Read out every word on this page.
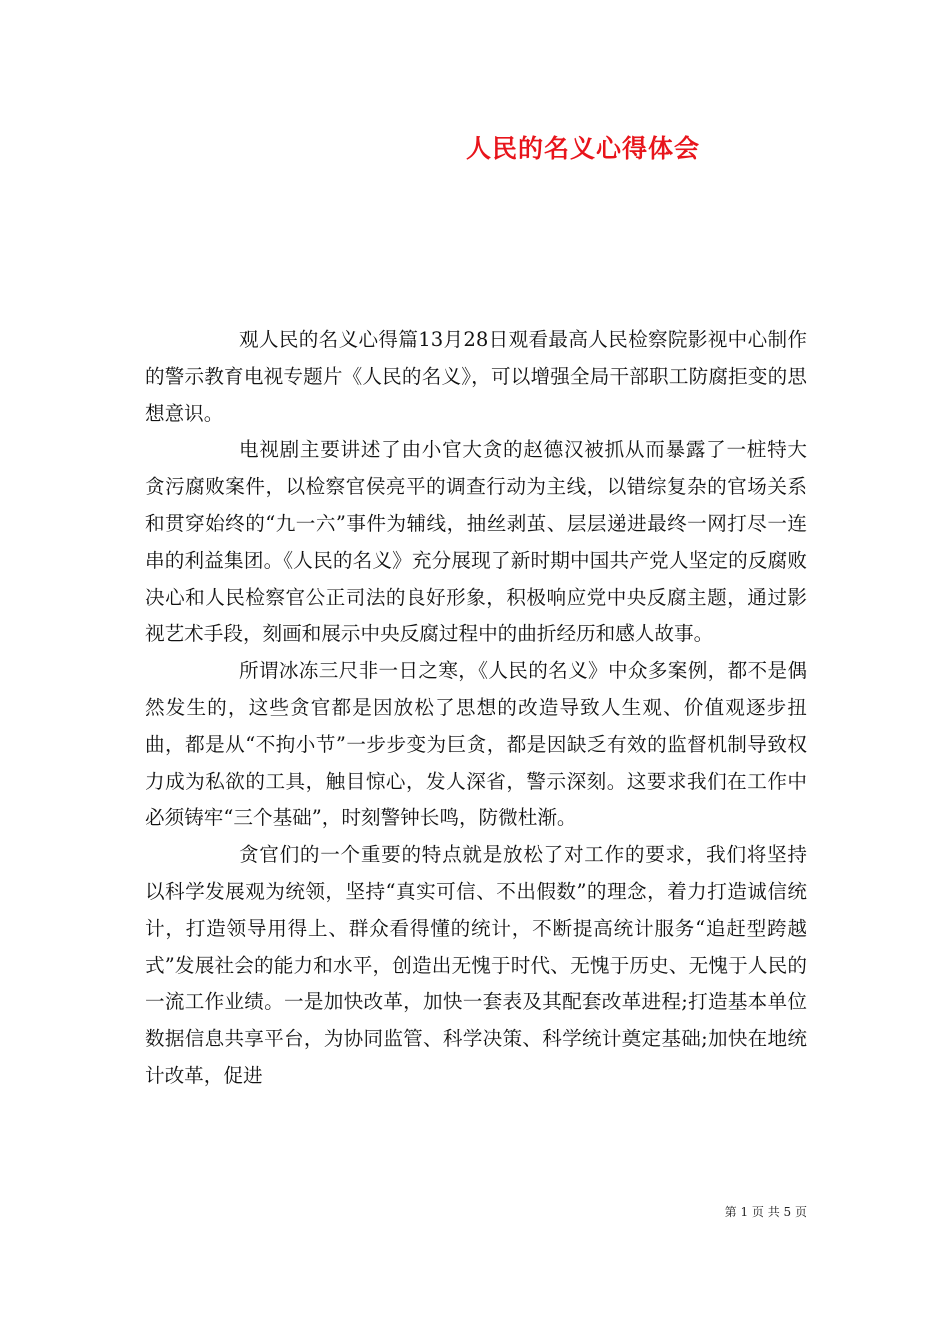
人民的名义心得体会

观人民的名义心得篇13月28日观看最高人民检察院影视中心制作的警示教育电视专题片《人民的名义》，可以增强全局干部职工防腐拒变的思想意识。

电视剧主要讲述了由小官大贪的赵德汉被抓从而暴露了一桩特大贪污腐败案件，以检察官侯亮平的调查行动为主线，以错综复杂的官场关系和贯穿始终的“九一六”事件为辅线，抽丝剥茧、层层递进最终一网打尽一连串的利益集团。《人民的名义》充分展现了新时期中国共产党人坚定的反腐败决心和人民检察官公正司法的良好形象，积极响应党中央反腐主题，通过影视艺术手段，刻画和展示中央反腐过程中的曲折经历和感人故事。

所谓冰冻三尺非一日之寒，《人民的名义》中众多案例，都不是偶然发生的，这些贪官都是因放松了思想的改造导致人生观、价值观逐步扭曲，都是从“不拘小节”一步步变为巨贪，都是因缺乏有效的监督机制导致权力成为私欲的工具，触目惊心，发人深省，警示深刻。这要求我们在工作中必须铸牢“三个基础”，时刻警钟长鸣，防微杜渐。

贪官们的一个重要的特点就是放松了对工作的要求，我们将坚持以科学发展观为统领，坚持“真实可信、不出假数”的理念，着力打造诚信统计，打造领导用得上、群众看得懂的统计，不断提高统计服务“追赶型跨越式”发展社会的能力和水平，创造出无愧于时代、无愧于历史、无愧于人民的一流工作业绩。一是加快改革，加快一套表及其配套改革进程;打造基本单位数据信息共享平台，为协同监管、科学决策、科学统计奠定基础;加快在地统计改革，促进

第 1 页 共 5 页
